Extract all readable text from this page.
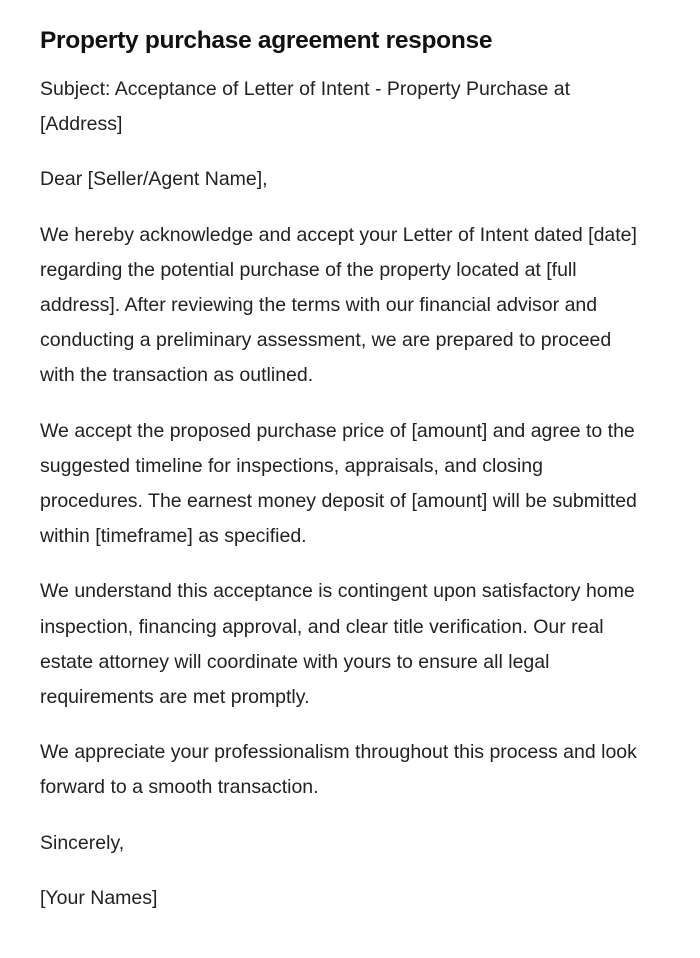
Property purchase agreement response

Subject: Acceptance of Letter of Intent - Property Purchase at [Address]

Dear [Seller/Agent Name],

We hereby acknowledge and accept your Letter of Intent dated [date] regarding the potential purchase of the property located at [full address]. After reviewing the terms with our financial advisor and conducting a preliminary assessment, we are prepared to proceed with the transaction as outlined.

We accept the proposed purchase price of [amount] and agree to the suggested timeline for inspections, appraisals, and closing procedures. The earnest money deposit of [amount] will be submitted within [timeframe] as specified.

We understand this acceptance is contingent upon satisfactory home inspection, financing approval, and clear title verification. Our real estate attorney will coordinate with yours to ensure all legal requirements are met promptly.

We appreciate your professionalism throughout this process and look forward to a smooth transaction.

Sincerely,

[Your Names]
